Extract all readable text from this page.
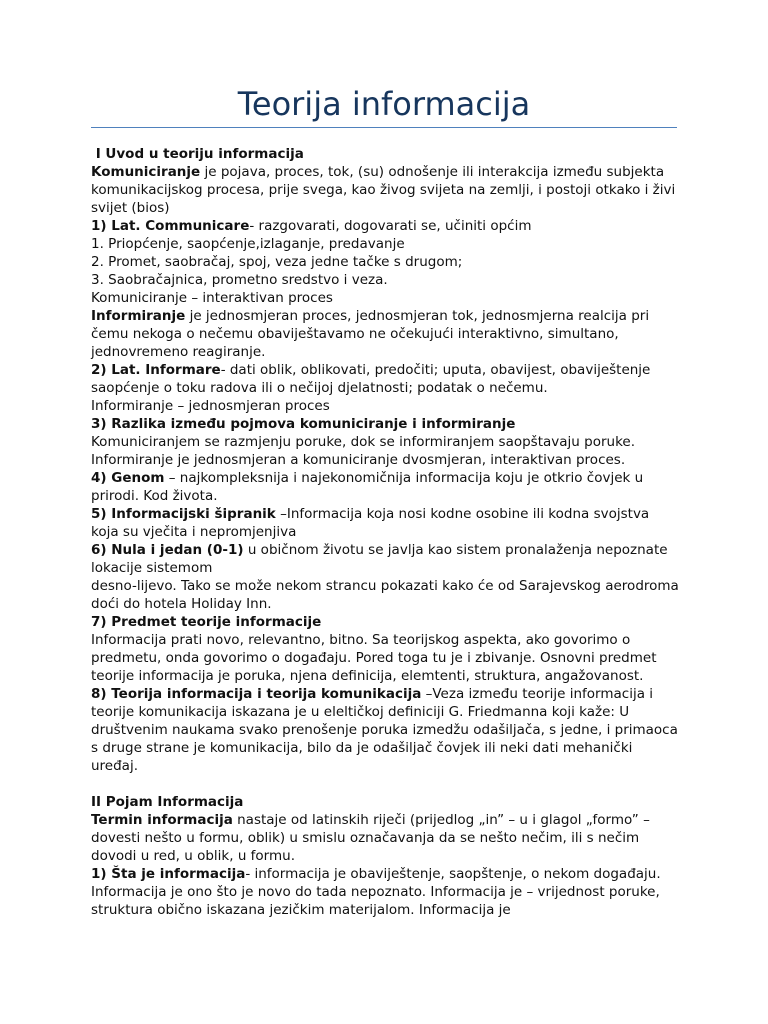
Teorija informacija

I Uvod u teoriju informacija

Komuniciranje je pojava, proces, tok, (su) odnošenje ili interakcija između subjekta komunikacijskog procesa, prije svega, kao živog svijeta na zemlji, i postoji otkako i živi svijet (bios)

1) Lat. Communicare- razgovarati, dogovarati se, učiniti općim

1. Priopćenje, saopćenje,izlaganje, predavanje

2. Promet, saobračaj, spoj, veza jedne tačke s drugom;

3. Saobračajnica, prometno sredstvo i veza.

Komuniciranje – interaktivan proces

Informiranje je jednosmjeran proces, jednosmjeran tok, jednosmjerna realcija pri čemu nekoga o nečemu obaviještavamo ne očekujući interaktivno, simultano, jednovremeno reagiranje.

2) Lat. Informare- dati oblik, oblikovati, predočiti; uputa, obavijest, obaviještenje saopćenje o toku radova ili o nečijoj djelatnosti; podatak o nečemu.

Informiranje – jednosmjeran proces

3) Razlika između pojmova komuniciranje i informiranje

Komuniciranjem se razmjenju poruke, dok se informiranjem saopštavaju poruke.

Informiranje je jednosmjeran a komuniciranje dvosmjeran, interaktivan proces.

4) Genom – najkompleksnija i najekonomičnija informacija koju je otkrio čovjek u prirodi. Kod života.

5) Informacijski šipranik –Informacija koja nosi kodne osobine ili kodna svojstva koja su vječita i nepromjenjiva

6) Nula i jedan (0-1) u običnom životu se javlja kao sistem pronalaženja nepoznate lokacije sistemom

desno-lijevo. Tako se može nekom strancu pokazati kako će od Sarajevskog aerodroma doći do hotela Holiday Inn.

7) Predmet teorije informacije

Informacija prati novo, relevantno, bitno. Sa teorijskog aspekta, ako govorimo o predmetu, onda govorimo o događaju. Pored toga tu je i zbivanje. Osnovni predmet teorije informacija je poruka, njena definicija, elemtenti, struktura, angažovanost.

8) Teorija informacija i teorija komunikacija –Veza između teorije informacija i teorije komunikacija iskazana je u eleltičkoj definiciji G. Friedmanna koji kaže: U društvenim naukama svako prenošenje poruka izmedžu odašiljača, s jedne, i primaoca s druge strane je komunikacija, bilo da je odašiljač čovjek ili neki dati mehanički uređaj.

II Pojam Informacija

Termin informacija nastaje od latinskih riječi (prijedlog „in” – u i glagol „formo” – dovesti nešto u formu, oblik) u smislu označavanja da se nešto nečim, ili s nečim dovodi u red, u oblik, u formu.

1) Šta je informacija- informacija je obaviještenje, saopštenje, o nekom događaju. Informacija je ono što je novo do tada nepoznato. Informacija je – vrijednost poruke, struktura obično iskazana jezičkim materijalom. Informacija je
